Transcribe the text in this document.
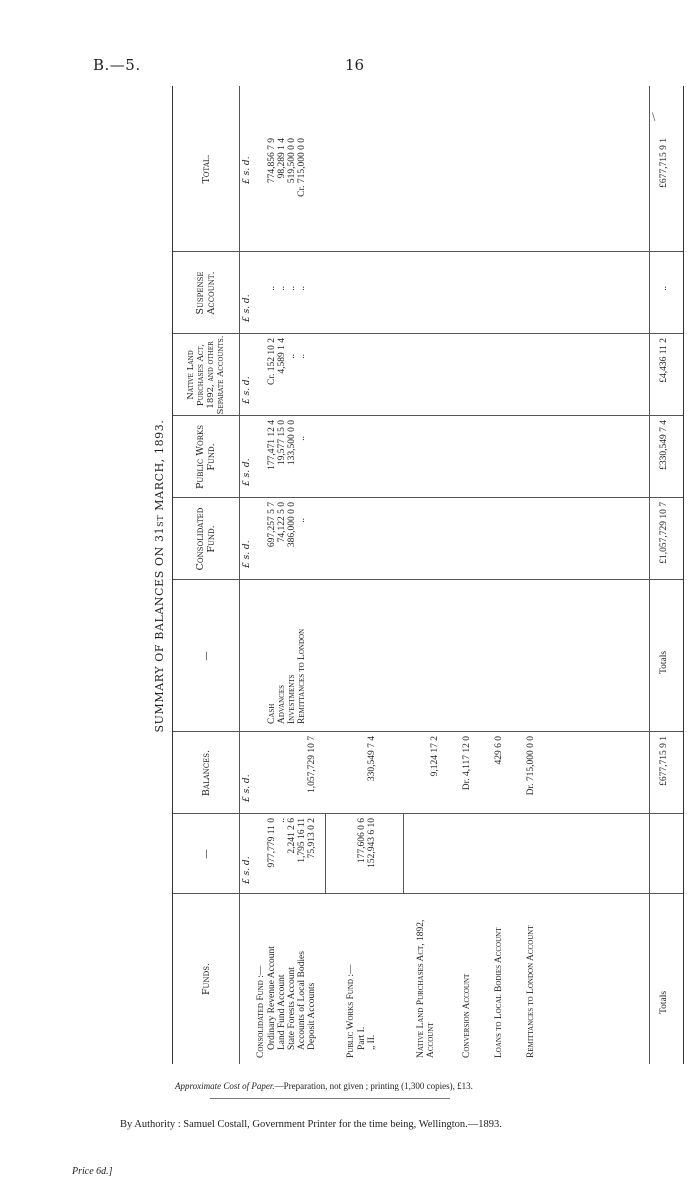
B.—5.	16
\
SUMMARY OF BALANCES ON 31st MARCH, 1893.
Funds.
—
Balances.
—
Consolidated Fund.
Public Works Fund.
Native Land Purchases Act, 1892, and other Separate Accounts.
Suspense Account.
Total.
£ s. d.
£ s. d.
£ s. d.
£ s. d.
£ s. d.
£ s. d.
£ s. d.
Consolidated Fund :— Ordinary Revenue Account Land Fund Account State Forests Account Accounts of Local Bodies Deposit Accounts
977,779 11 0 .. 2,241 2 6 1,795 16 11 75,913 0 2
1,057,729 10 7
Public Works Fund :— Part I. „ II.
177,606 0 6 152,943 6 10
330,549 7 4
Native Land Purchases Act, 1892, Account
9,124 17 2
Conversion Account
Dr. 4,117 12 0
Loans to Local Bodies Account
429 6 0
Remittances to London Account
Dr. 715,000 0 0
Totals
£677,715 9 1
Cash Advances Investments Remittances to London
697,257 5 7 74,122 5 0 386,000 0 0 ..
177,471 12 4 19,577 15 0 133,500 0 0 ..
Cr. 152 10 2 4,589 1 4 .. ..
.. .. .. ..
774,856 7 9 98,289 1 4 519,500 0 0 Cr. 715,000 0 0
Totals
£1,057,729 10 7
£330,549 7 4
£4,436 11 2
..
£677,715 9 1
Approximate Cost of Paper.—Preparation, not given ; printing (1,300 copies), £13.
By Authority : Samuel Costall, Government Printer for the time being, Wellington.—1893.
Price 6d.]
